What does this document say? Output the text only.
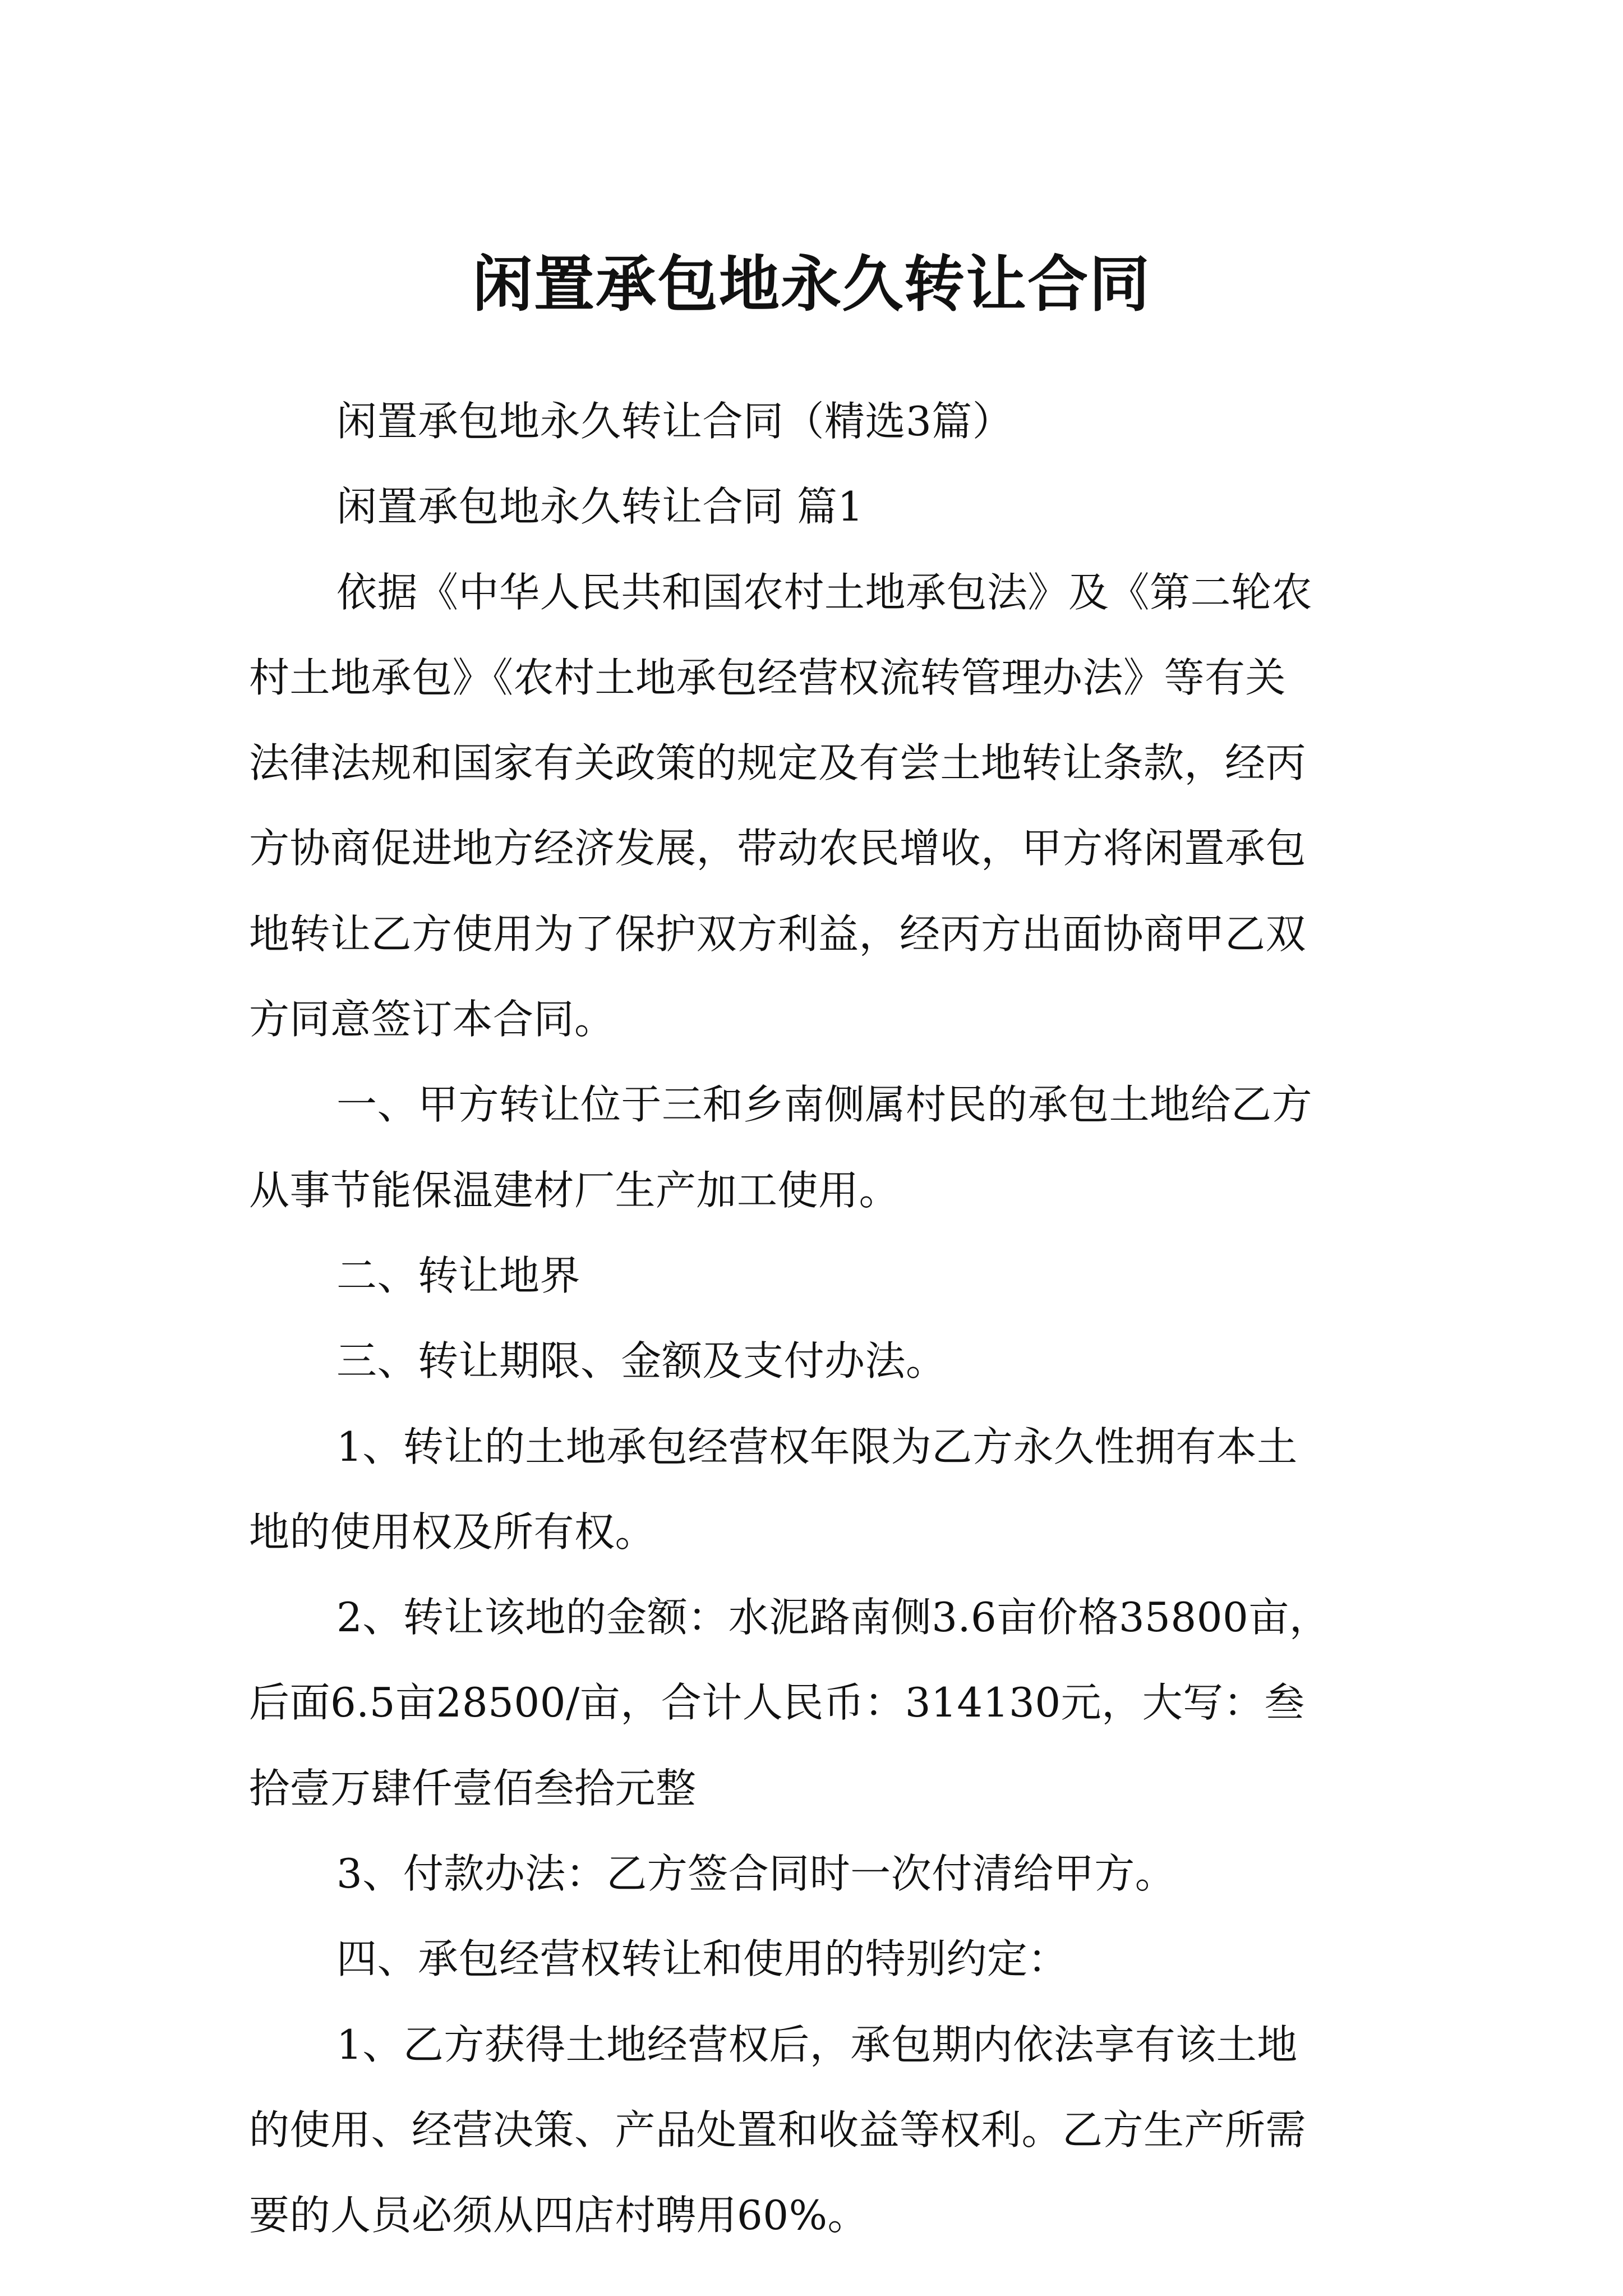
闲置承包地永久转让合同

闲置承包地永久转让合同（精选3篇）

闲置承包地永久转让合同 篇1

依据《中华人民共和国农村土地承包法》及《第二轮农
村土地承包》《农村土地承包经营权流转管理办法》等有关
法律法规和国家有关政策的规定及有尝土地转让条款，经丙
方协商促进地方经济发展，带动农民增收，甲方将闲置承包
地转让乙方使用为了保护双方利益，经丙方出面协商甲乙双
方同意签订本合同。

一、甲方转让位于三和乡南侧属村民的承包土地给乙方
从事节能保温建材厂生产加工使用。

二、转让地界

三、转让期限、金额及支付办法。

1、转让的土地承包经营权年限为乙方永久性拥有本土
地的使用权及所有权。

2、转让该地的金额：水泥路南侧3.6亩价格35800亩，
后面6.5亩28500/亩，合计人民币：314130元，大写：叁
拾壹万肆仟壹佰叁拾元整

3、付款办法：乙方签合同时一次付清给甲方。

四、承包经营权转让和使用的特别约定：

1、乙方获得土地经营权后，承包期内依法享有该土地
的使用、经营决策、产品处置和收益等权利。乙方生产所需
要的人员必须从四店村聘用60%。
